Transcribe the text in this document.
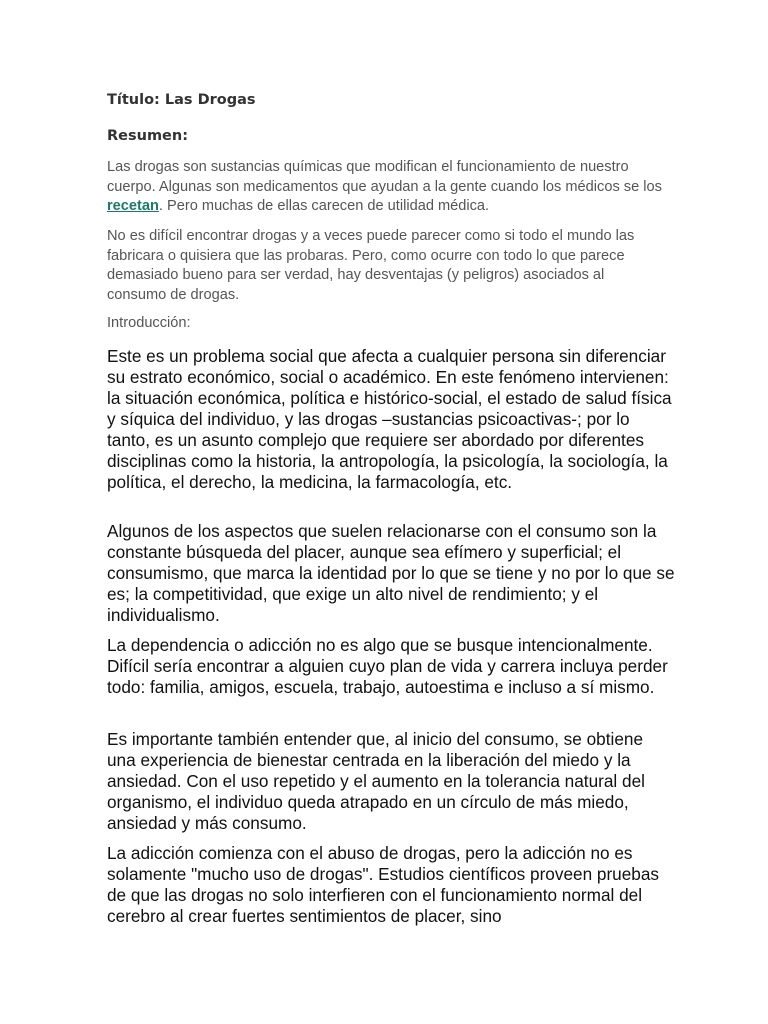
Título: Las Drogas
Resumen:

Las drogas son sustancias químicas que modifican el funcionamiento de nuestro cuerpo. Algunas son medicamentos que ayudan a la gente cuando los médicos se los recetan. Pero muchas de ellas carecen de utilidad médica.

No es difícil encontrar drogas y a veces puede parecer como si todo el mundo las fabricara o quisiera que las probaras. Pero, como ocurre con todo lo que parece demasiado bueno para ser verdad, hay desventajas (y peligros) asociados al consumo de drogas.

Introducción:

Este es un problema social que afecta a cualquier persona sin diferenciar su estrato económico, social o académico. En este fenómeno intervienen: la situación económica, política e histórico-social, el estado de salud física y síquica del individuo, y las drogas –sustancias psicoactivas-; por lo tanto, es un asunto complejo que requiere ser abordado por diferentes disciplinas como la historia, la antropología, la psicología, la sociología, la política, el derecho, la medicina, la farmacología, etc.

Algunos de los aspectos que suelen relacionarse con el consumo son la constante búsqueda del placer, aunque sea efímero y superficial; el consumismo, que marca la identidad por lo que se tiene y no por lo que se es; la competitividad, que exige un alto nivel de rendimiento; y el individualismo.

La dependencia o adicción no es algo que se busque intencionalmente. Difícil sería encontrar a alguien cuyo plan de vida y carrera incluya perder todo: familia, amigos, escuela, trabajo, autoestima e incluso a sí mismo.

Es importante también entender que, al inicio del consumo, se obtiene una experiencia de bienestar centrada en la liberación del miedo y la ansiedad. Con el uso repetido y el aumento en la tolerancia natural del organismo, el individuo queda atrapado en un círculo de más miedo, ansiedad y más consumo.

La adicción comienza con el abuso de drogas, pero la adicción no es solamente "mucho uso de drogas". Estudios científicos proveen pruebas de que las drogas no solo interfieren con el funcionamiento normal del cerebro al crear fuertes sentimientos de placer, sino
